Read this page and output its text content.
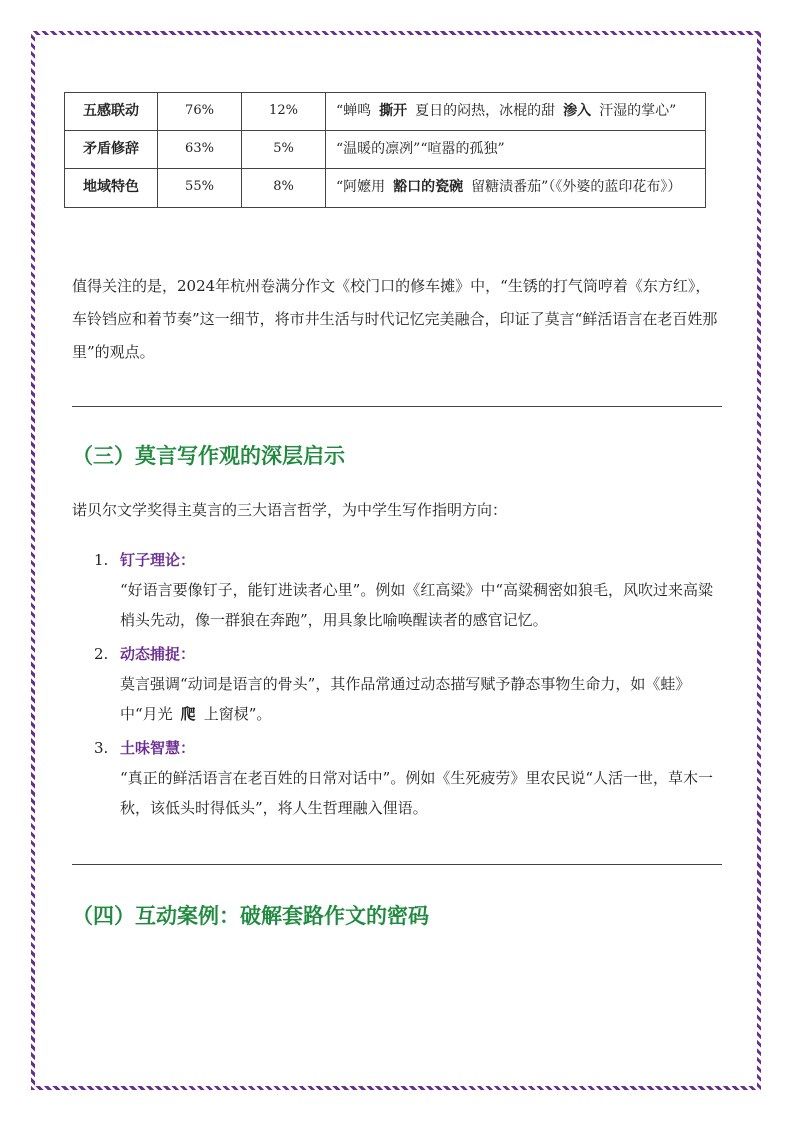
五感联动	76%	12%	“蝉鸣 撕开 夏日的闷热，冰棍的甜 渗入 汗湿的掌心”
矛盾修辞	63%	5%	“温暖的凛冽”“喧嚣的孤独”
地域特色	55%	8%	“阿嬷用 豁口的瓷碗 留糖渍番茄”（《外婆的蓝印花布》）

值得关注的是，2024年杭州卷满分作文《校门口的修车摊》中，“生锈的打气筒哼着《东方红》，车铃铛应和着节奏”这一细节，将市井生活与时代记忆完美融合，印证了莫言“鲜活语言在老百姓那里”的观点。

（三）莫言写作观的深层启示

诺贝尔文学奖得主莫言的三大语言哲学，为中学生写作指明方向：

1. 钉子理论：
“好语言要像钉子，能钉进读者心里”。例如《红高粱》中“高粱稠密如狼毛，风吹过来高粱梢头先动，像一群狼在奔跑”，用具象比喻唤醒读者的感官记忆。
2. 动态捕捉：
莫言强调“动词是语言的骨头”，其作品常通过动态描写赋予静态事物生命力，如《蛙》中“月光 爬 上窗棂”。
3. 土味智慧：
“真正的鲜活语言在老百姓的日常对话中”。例如《生死疲劳》里农民说“人活一世，草木一秋，该低头时得低头”，将人生哲理融入俚语。
（四）互动案例：破解套路作文的密码
